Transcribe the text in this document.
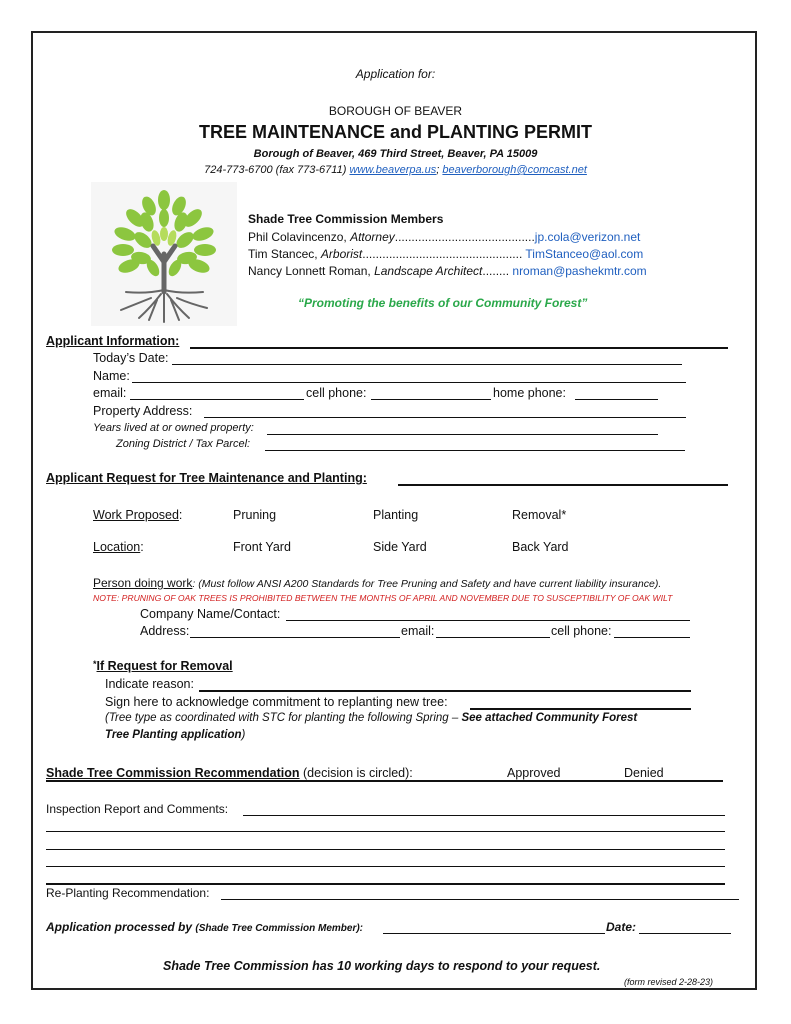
Application for:
BOROUGH OF BEAVER
TREE MAINTENANCE and PLANTING PERMIT
Borough of Beaver, 469 Third Street, Beaver, PA 15009
724-773-6700 (fax 773-6711) www.beaverpa.us; beaverborough@comcast.net
Shade Tree Commission Members
Phil Colavincenzo, Attorney..........................................jp.cola@verizon.net
Tim Stancec, Arborist................................................ TimStanceo@aol.com
Nancy Lonnett Roman, Landscape Architect........ nroman@pashekmtr.com
“Promoting the benefits of our Community Forest”
Applicant Information:
Today’s Date:
Name:
email:	cell phone:	home phone:
Property Address:
Years lived at or owned property:
Zoning District / Tax Parcel:
Applicant Request for Tree Maintenance and Planting:
Work Proposed:	Pruning	Planting	Removal*
Location:	Front Yard	Side Yard	Back Yard
Person doing work: (Must follow ANSI A200 Standards for Tree Pruning and Safety and have current liability insurance).
NOTE: PRUNING OF OAK TREES IS PROHIBITED BETWEEN THE MONTHS OF APRIL AND NOVEMBER DUE TO SUSCEPTIBILITY OF OAK WILT
Company Name/Contact:
Address:	email:	cell phone:
*If Request for Removal
Indicate reason:
Sign here to acknowledge commitment to replanting new tree:
(Tree type as coordinated with STC for planting the following Spring – See attached Community Forest
Tree Planting application)
Shade Tree Commission Recommendation (decision is circled):	Approved	Denied
Inspection Report and Comments:
Re-Planting Recommendation:
Application processed by (Shade Tree Commission Member):	Date:
Shade Tree Commission has 10 working days to respond to your request.
(form revised 2-28-23)
